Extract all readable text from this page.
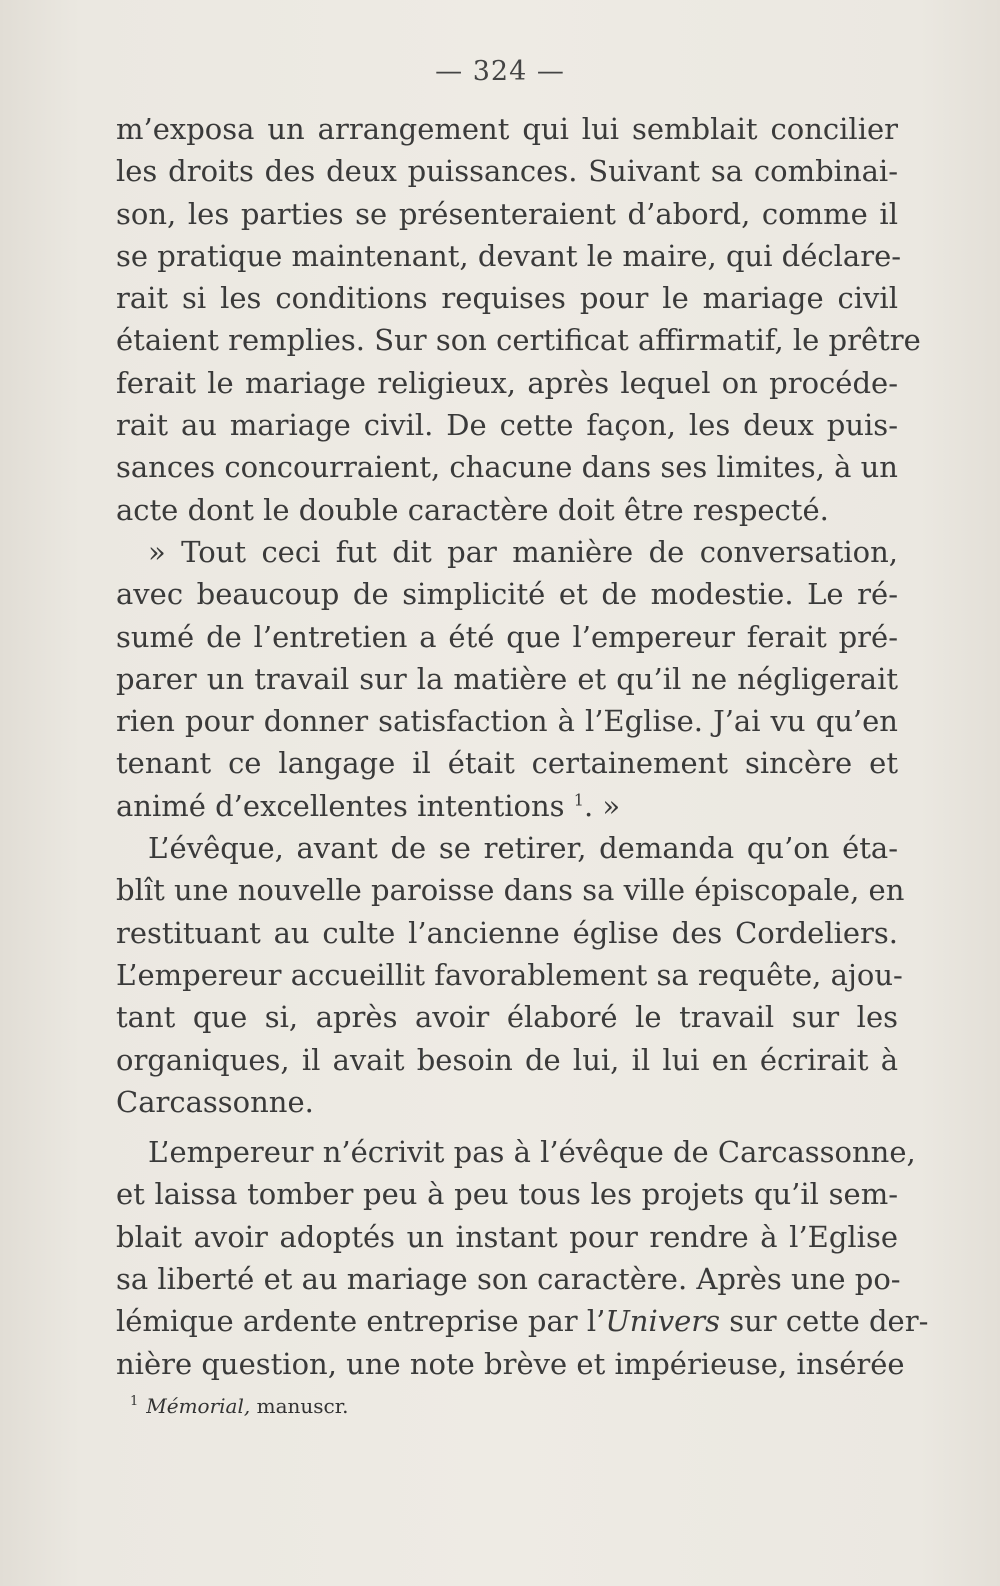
— 324 —
m’exposa un arrangement qui lui semblait concilier
les droits des deux puissances. Suivant sa combinai-
son, les parties se présenteraient d’abord, comme il
se pratique maintenant, devant le maire, qui déclare-
rait si les conditions requises pour le mariage civil
étaient remplies. Sur son certificat affirmatif, le prêtre
ferait le mariage religieux, après lequel on procéde-
rait au mariage civil. De cette façon, les deux puis-
sances concourraient, chacune dans ses limites, à un
acte dont le double caractère doit être respecté.
» Tout ceci fut dit par manière de conversation,
avec beaucoup de simplicité et de modestie. Le ré-
sumé de l’entretien a été que l’empereur ferait pré-
parer un travail sur la matière et qu’il ne négligerait
rien pour donner satisfaction à l’Eglise. J’ai vu qu’en
tenant ce langage il était certainement sincère et
animé d’excellentes intentions $^1$. »
L’évêque, avant de se retirer, demanda qu’on éta-
blît une nouvelle paroisse dans sa ville épiscopale, en
restituant au culte l’ancienne église des Cordeliers.
L’empereur accueillit favorablement sa requête, ajou-
tant que si, après avoir élaboré le travail sur les
organiques, il avait besoin de lui, il lui en écrirait à
Carcassonne.
L’empereur n’écrivit pas à l’évêque de Carcassonne,
et laissa tomber peu à peu tous les projets qu’il sem-
blait avoir adoptés un instant pour rendre à l’Eglise
sa liberté et au mariage son caractère. Après une po-
lémique ardente entreprise par l’Univers sur cette der-
nière question, une note brève et impérieuse, insérée
$^1$ Mémorial, manuscr.
